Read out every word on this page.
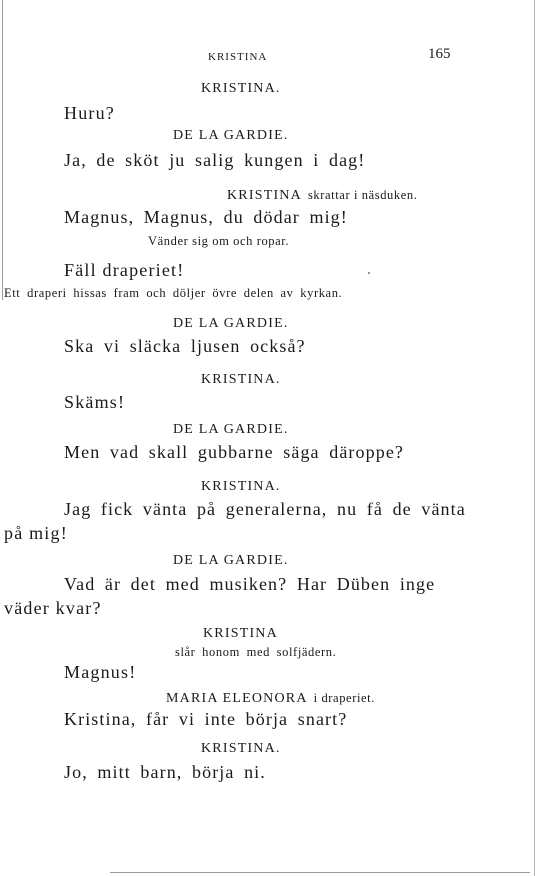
KRISTINA	165
KRISTINA.
Huru?
DE LA GARDIE.
Ja, de sköt ju salig kungen i dag!
KRISTINA skrattar i näsduken.
Magnus, Magnus, du dödar mig!
Vänder sig om och ropar.
Fäll draperiet!
Ett draperi hissas fram och döljer övre delen av kyrkan.
DE LA GARDIE.
Ska vi släcka ljusen också?
KRISTINA.
Skäms!
DE LA GARDIE.
Men vad skall gubbarne säga däroppe?
KRISTINA.
Jag fick vänta på generalerna, nu få de vänta
på mig!
DE LA GARDIE.
Vad är det med musiken? Har Düben inge
väder kvar?
KRISTINA
slår honom med solfjädern.
Magnus!
MARIA ELEONORA i draperiet.
Kristina, får vi inte börja snart?
KRISTINA.
Jo, mitt barn, börja ni.
